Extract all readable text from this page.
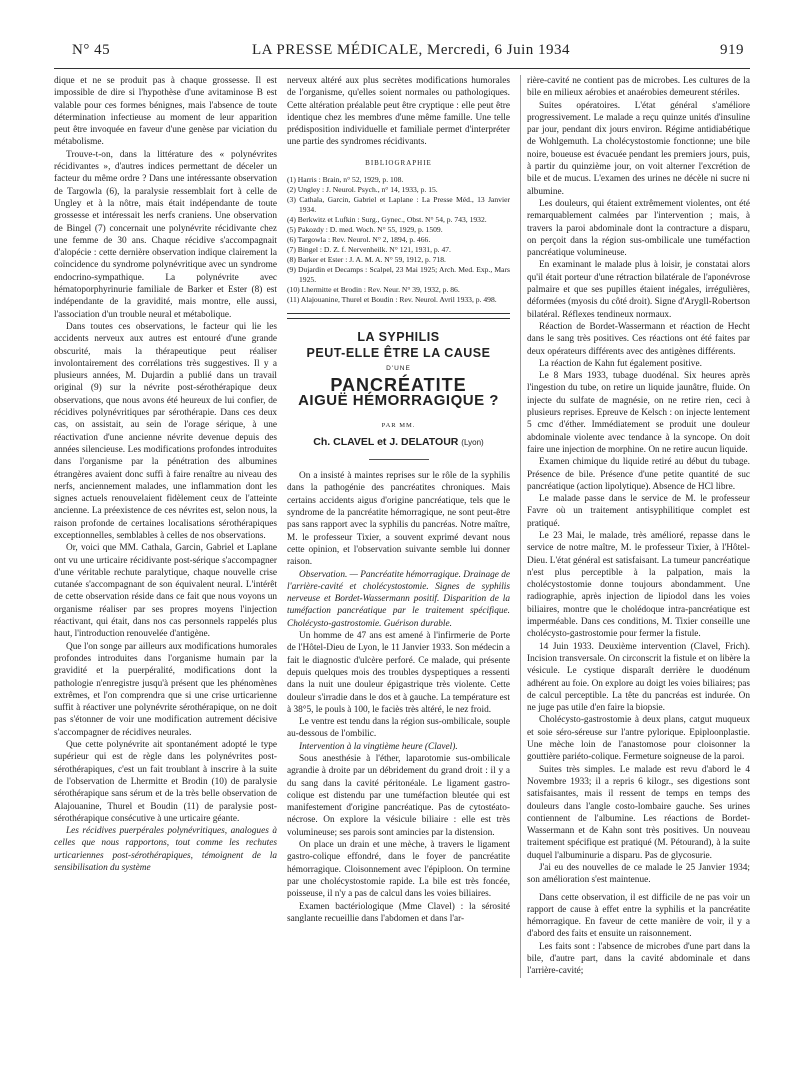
N° 45	LA PRESSE MÉDICALE, Mercredi, 6 Juin 1934	919

dique et ne se produit pas à chaque grossesse. Il est impossible de dire si l'hypothèse d'une avitaminose B est valable pour ces formes bénignes, mais l'absence de toute détermination infectieuse au moment de leur apparition peut être invoquée en faveur d'une genèse par viciation du métabolisme.

Trouve-t-on, dans la littérature des « polynévrites récidivantes », d'autres indices permettant de déceler un facteur du même ordre ? Dans une intéressante observation de Targowla (6), la paralysie ressemblait fort à celle de Ungley et à la nôtre, mais était indépendante de toute grossesse et intéressait les nerfs craniens. Une observation de Bingel (7) concernait une polynévrite récidivante chez une femme de 30 ans. Chaque récidive s'accompagnait d'alopécie : cette dernière observation indique clairement la coïncidence du syndrome polynévritique avec un syndrome endocrino-sympathique. La polynévrite avec hématoporphyrinurie familiale de Barker et Ester (8) est indépendante de la gravidité, mais montre, elle aussi, l'association d'un trouble neural et métabolique.

Dans toutes ces observations, le facteur qui lie les accidents nerveux aux autres est entouré d'une grande obscurité, mais la thérapeutique peut réaliser involontairement des corrélations très suggestives. Il y a plusieurs années, M. Dujardin a publié dans un travail original (9) sur la névrite post-sérothérapique deux observations, que nous avons été heureux de lui confier, de récidives polynévritiques par sérothérapie. Dans ces deux cas, on assistait, au sein de l'orage sérique, à une réactivation d'une ancienne névrite devenue depuis des années silencieuse. Les modifications profondes introduites dans l'organisme par la pénétration des albumines étrangères avaient donc suffi à faire renaître au niveau des nerfs, anciennement malades, une inflammation dont les signes actuels renouvelaient fidèlement ceux de l'atteinte ancienne. La préexistence de ces névrites est, selon nous, la raison profonde de certaines localisations sérothérapiques exceptionnelles, semblables à celles de nos observations.

Or, voici que MM. Cathala, Garcin, Gabriel et Laplane ont vu une urticaire récidivante post-sérique s'accompagner d'une véritable rechute paralytique, chaque nouvelle crise cutanée s'accompagnant de son équivalent neural. L'intérêt de cette observation réside dans ce fait que nous voyons un organisme réaliser par ses propres moyens l'injection réactivant, qui était, dans nos cas personnels rappelés plus haut, l'introduction renouvelée d'antigène.

Que l'on songe par ailleurs aux modifications humorales profondes introduites dans l'organisme humain par la gravidité et la puerpéralité, modifications dont la pathologie n'enregistre jusqu'à présent que les phénomènes extrêmes, et l'on comprendra que si une crise urticarienne suffit à réactiver une polynévrite sérothérapique, on ne doit pas s'étonner de voir une modification autrement décisive s'accompagner de récidives neurales.

Que cette polynévrite ait spontanément adopté le type supérieur qui est de règle dans les polynévrites post-sérothérapiques, c'est un fait troublant à inscrire à la suite de l'observation de Lhermitte et Brodin (10) de paralysie sérothérapique sans sérum et de la très belle observation de Alajouanine, Thurel et Boudin (11) de paralysie post-sérothérapique consécutive à une urticaire géante.

Les récidives puerpérales polynévritiques, analogues à celles que nous rapportons, tout comme les rechutes urticariennes post-sérothérapiques, témoignent de la sensibilisation du système

nerveux altéré aux plus secrètes modifications humorales de l'organisme, qu'elles soient normales ou pathologiques. Cette altération préalable peut être cryptique : elle peut être identique chez les membres d'une même famille. Une telle prédisposition individuelle et familiale permet d'interpréter une partie des syndromes récidivants.

BIBLIOGRAPHIE
(1) Harris : Brain, n° 52, 1929, p. 108.
(2) Ungley : J. Neurol. Psych., n° 14, 1933, p. 15.
(3) Cathala, Garcin, Gabriel et Laplane : La Presse Méd., 13 Janvier 1934.
(4) Berkwitz et Lufkin : Surg., Gynec., Obst. N° 54, p. 743, 1932.
(5) Pakozdy : D. med. Woch. N° 55, 1929, p. 1509.
(6) Targowla : Rev. Neurol. N° 2, 1894, p. 466.
(7) Bingel : D. Z. f. Nervenheilk. N° 121, 1931, p. 47.
(8) Barker et Ester : J. A. M. A. N° 59, 1912, p. 718.
(9) Dujardin et Decamps : Scalpel, 23 Mai 1925; Arch. Med. Exp., Mars 1925.
(10) Lhermitte et Brodin : Rev. Neur. N° 39, 1932, p. 86.
(11) Alajouanine, Thurel et Boudin : Rev. Neurol. Avril 1933, p. 498.
LA SYPHILIS
PEUT-ELLE ÊTRE LA CAUSE
D'UNE
PANCRÉATITE
AIGUË HÉMORRAGIQUE ?
PAR MM.
Ch. CLAVEL et J. DELATOUR (Lyon)

On a insisté à maintes reprises sur le rôle de la syphilis dans la pathogénie des pancréatites chroniques. Mais certains accidents aigus d'origine pancréatique, tels que le syndrome de la pancréatite hémorragique, ne sont peut-être pas sans rapport avec la syphilis du pancréas. Notre maître, M. le professeur Tixier, a souvent exprimé devant nous cette opinion, et l'observation suivante semble lui donner raison.

Observation. — Pancréatite hémorragique. Drainage de l'arrière-cavité et cholécystostomie. Signes de syphilis nerveuse et Bordet-Wassermann positif. Disparition de la tuméfaction pancréatique par le traitement spécifique. Cholécysto-gastrostomie. Guérison durable.

Un homme de 47 ans est amené à l'infirmerie de Porte de l'Hôtel-Dieu de Lyon, le 11 Janvier 1933. Son médecin a fait le diagnostic d'ulcère perforé. Ce malade, qui présente depuis quelques mois des troubles dyspeptiques a ressenti dans la nuit une douleur épigastrique très violente. Cette douleur s'irradie dans le dos et à gauche. La température est à 38°5, le pouls à 100, le faciès très altéré, le nez froid.

Le ventre est tendu dans la région sus-ombilicale, souple au-dessous de l'ombilic.

Intervention à la vingtième heure (Clavel).

Sous anesthésie à l'éther, laparotomie sus-ombilicale agrandie à droite par un débridement du grand droit : il y a du sang dans la cavité péritonéale. Le ligament gastro-colique est distendu par une tuméfaction bleutée qui est manifestement d'origine pancréatique. Pas de cytostéato-nécrose. On explore la vésicule biliaire : elle est très volumineuse; ses parois sont amincies par la distension.

On place un drain et une mèche, à travers le ligament gastro-colique effondré, dans le foyer de pancréatite hémorragique. Cloisonnement avec l'épiploon. On termine par une cholécystostomie rapide. La bile est très foncée, poisseuse, il n'y a pas de calcul dans les voies biliaires.

Examen bactériologique (Mme Clavel) : la sérosité sanglante recueillie dans l'abdomen et dans l'ar-

rière-cavité ne contient pas de microbes. Les cultures de la bile en milieux aérobies et anaérobies demeurent stériles.

Suites opératoires. L'état général s'améliore progressivement. Le malade a reçu quinze unités d'insuline par jour, pendant dix jours environ. Régime antidiabétique de Wohlgemuth. La cholécystostomie fonctionne; une bile noire, boueuse est évacuée pendant les premiers jours, puis, à partir du quinzième jour, on voit alterner l'excrétion de bile et de mucus. L'examen des urines ne décèle ni sucre ni albumine.

Les douleurs, qui étaient extrêmement violentes, ont été remarquablement calmées par l'intervention ; mais, à travers la paroi abdominale dont la contracture a disparu, on perçoit dans la région sus-ombilicale une tuméfaction pancréatique volumineuse.

En examinant le malade plus à loisir, je constatai alors qu'il était porteur d'une rétraction bilatérale de l'aponévrose palmaire et que ses pupilles étaient inégales, irrégulières, déformées (myosis du côté droit). Signe d'Arygll-Robertson bilatéral. Réflexes tendineux normaux.

Réaction de Bordet-Wassermann et réaction de Hecht dans le sang très positives. Ces réactions ont été faites par deux opérateurs différents avec des antigènes différents.

La réaction de Kahn fut également positive.

Le 8 Mars 1933, tubage duodénal. Six heures après l'ingestion du tube, on retire un liquide jaunâtre, fluide. On injecte du sulfate de magnésie, on ne retire rien, ceci à plusieurs reprises. Epreuve de Kelsch : on injecte lentement 5 cmc d'éther. Immédiatement se produit une douleur abdominale violente avec tendance à la syncope. On doit faire une injection de morphine. On ne retire aucun liquide.

Examen chimique du liquide retiré au début du tubage. Présence de bile. Présence d'une petite quantité de suc pancréatique (action lipolytique). Absence de HCl libre.

Le malade passe dans le service de M. le professeur Favre où un traitement antisyphilitique complet est pratiqué.

Le 23 Mai, le malade, très amélioré, repasse dans le service de notre maître, M. le professeur Tixier, à l'Hôtel-Dieu. L'état général est satisfaisant. La tumeur pancréatique n'est plus perceptible à la palpation, mais la cholécystostomie donne toujours abondamment. Une radiographie, après injection de lipiodol dans les voies biliaires, montre que le cholédoque intra-pancréatique est imperméable. Dans ces conditions, M. Tixier conseille une cholécysto-gastrostomie pour fermer la fistule.

14 Juin 1933. Deuxième intervention (Clavel, Frich). Incision transversale. On circonscrit la fistule et on libère la vésicule. Le cystique disparaît derrière le duodénum adhérent au foie. On explore au doigt les voies biliaires; pas de calcul perceptible. La tête du pancréas est indurée. On ne juge pas utile d'en faire la biopsie.

Cholécysto-gastrostomie à deux plans, catgut muqueux et soie séro-séreuse sur l'antre pylorique. Epiploonplastie. Une mèche loin de l'anastomose pour cloisonner la gouttière pariéto-colique. Fermeture soigneuse de la paroi.

Suites très simples. Le malade est revu d'abord le 4 Novembre 1933; il a repris 6 kilogr., ses digestions sont satisfaisantes, mais il ressent de temps en temps des douleurs dans l'angle costo-lombaire gauche. Ses urines contiennent de l'albumine. Les réactions de Bordet-Wassermann et de Kahn sont très positives. Un nouveau traitement spécifique est pratiqué (M. Pétourand), à la suite duquel l'albuminurie a disparu. Pas de glycosurie.

J'ai eu des nouvelles de ce malade le 25 Janvier 1934; son amélioration s'est maintenue.

Dans cette observation, il est difficile de ne pas voir un rapport de cause à effet entre la syphilis et la pancréatite hémorragique. En faveur de cette manière de voir, il y a d'abord des faits et ensuite un raisonnement.

Les faits sont : l'absence de microbes d'une part dans la bile, d'autre part, dans la cavité abdominale et dans l'arrière-cavité;
